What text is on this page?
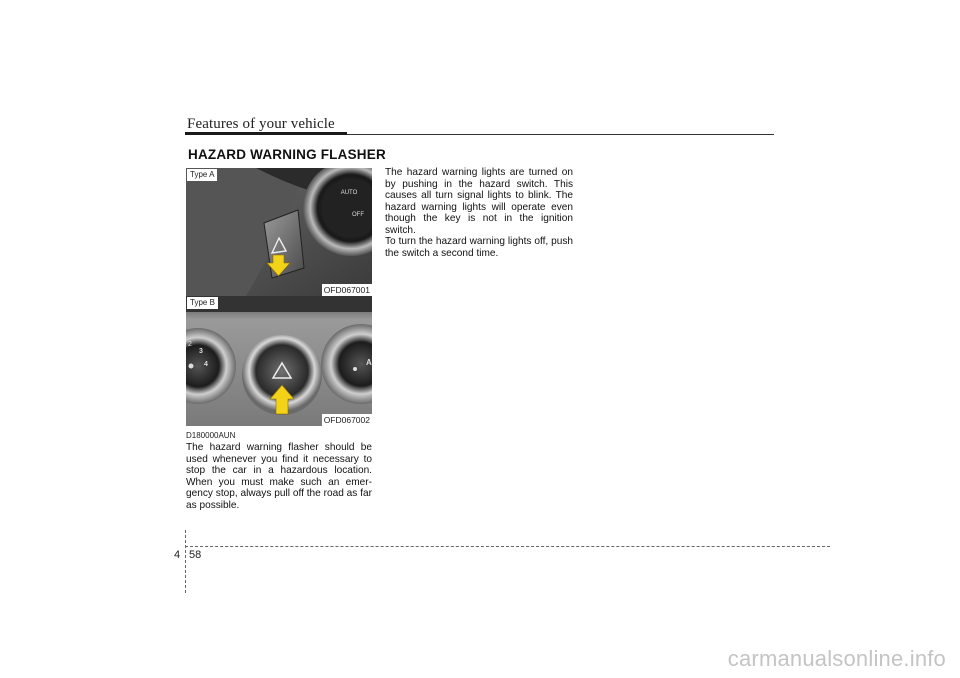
Features of your vehicle
HAZARD WARNING FLASHER
AUTO
OFF
Type A
OFD067001
2
3
4	A
Type B
OFD067002
D180000AUN

The hazard warning flasher should be used whenever you find it necessary to stop the car in a hazardous location. When you must make such an emer-gency stop, always pull off the road as far as possible.

The hazard warning lights are turned on by pushing in the hazard switch. This causes all turn signal lights to blink. The hazard warning lights will operate even though the key is not in the ignition switch.

To turn the hazard warning lights off, push the switch a second time.

4 58
carmanualsonline.info
